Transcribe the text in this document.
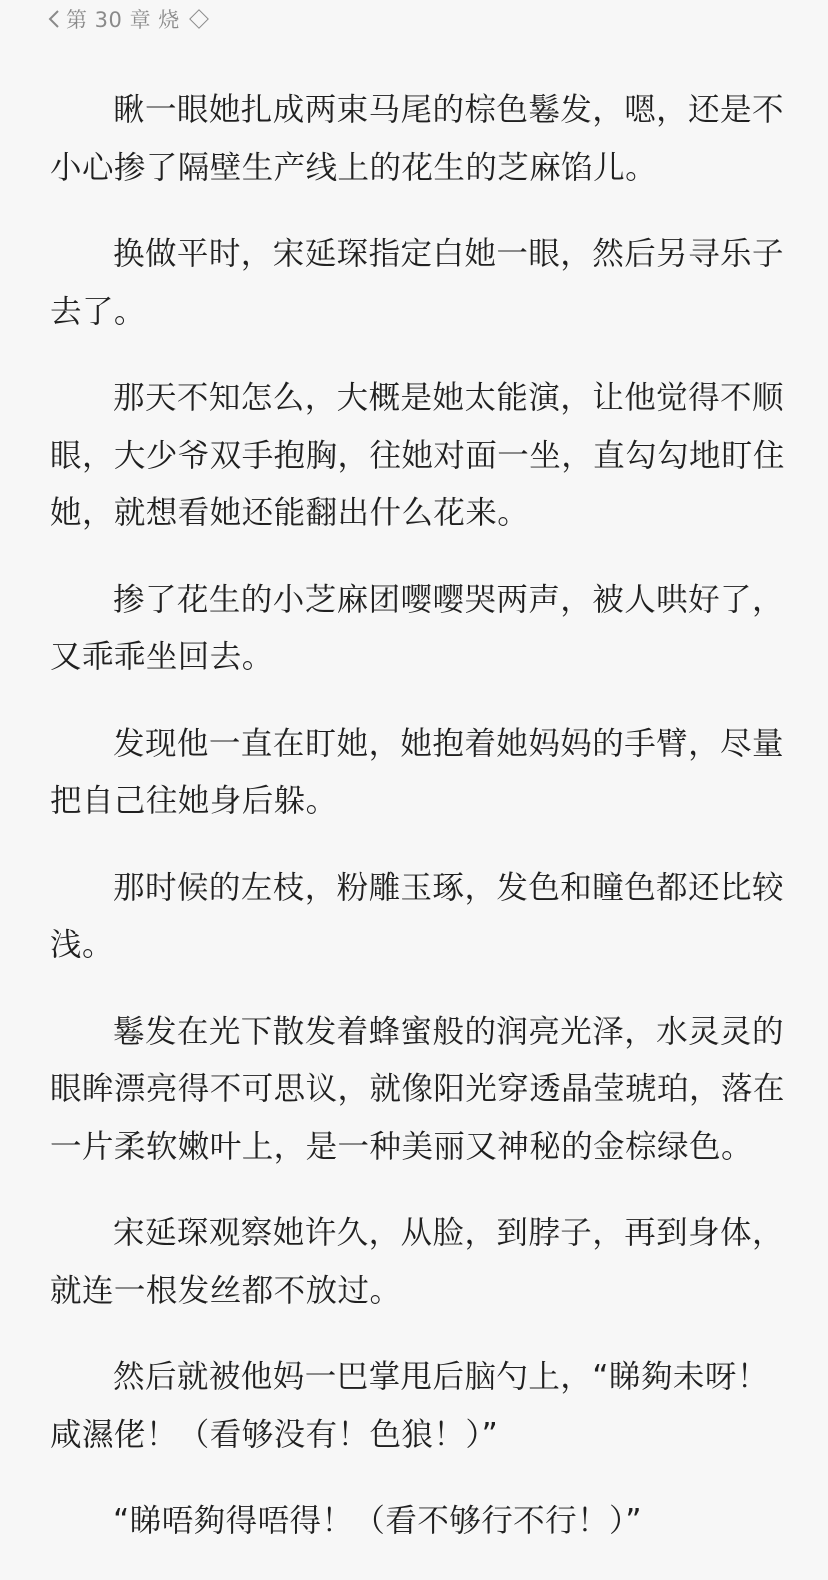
第 30 章 烧

瞅一眼她扎成两束马尾的棕色鬈发，嗯，还是不小心掺了隔壁生产线上的花生的芝麻馅儿。

换做平时，宋延琛指定白她一眼，然后另寻乐子去了。

那天不知怎么，大概是她太能演，让他觉得不顺眼，大少爷双手抱胸，往她对面一坐，直勾勾地盯住她，就想看她还能翻出什么花来。

掺了花生的小芝麻团嘤嘤哭两声，被人哄好了，又乖乖坐回去。

发现他一直在盯她，她抱着她妈妈的手臂，尽量把自己往她身后躲。

那时候的左枝，粉雕玉琢，发色和瞳色都还比较浅。

鬈发在光下散发着蜂蜜般的润亮光泽，水灵灵的眼眸漂亮得不可思议，就像阳光穿透晶莹琥珀，落在一片柔软嫩叶上，是一种美丽又神秘的金棕绿色。

宋延琛观察她许久，从脸，到脖子，再到身体，就连一根发丝都不放过。

然后就被他妈一巴掌甩后脑勺上，“睇夠未呀！咸濕佬！（看够没有！色狼！）”

“睇唔夠得唔得！（看不够行不行！）”
